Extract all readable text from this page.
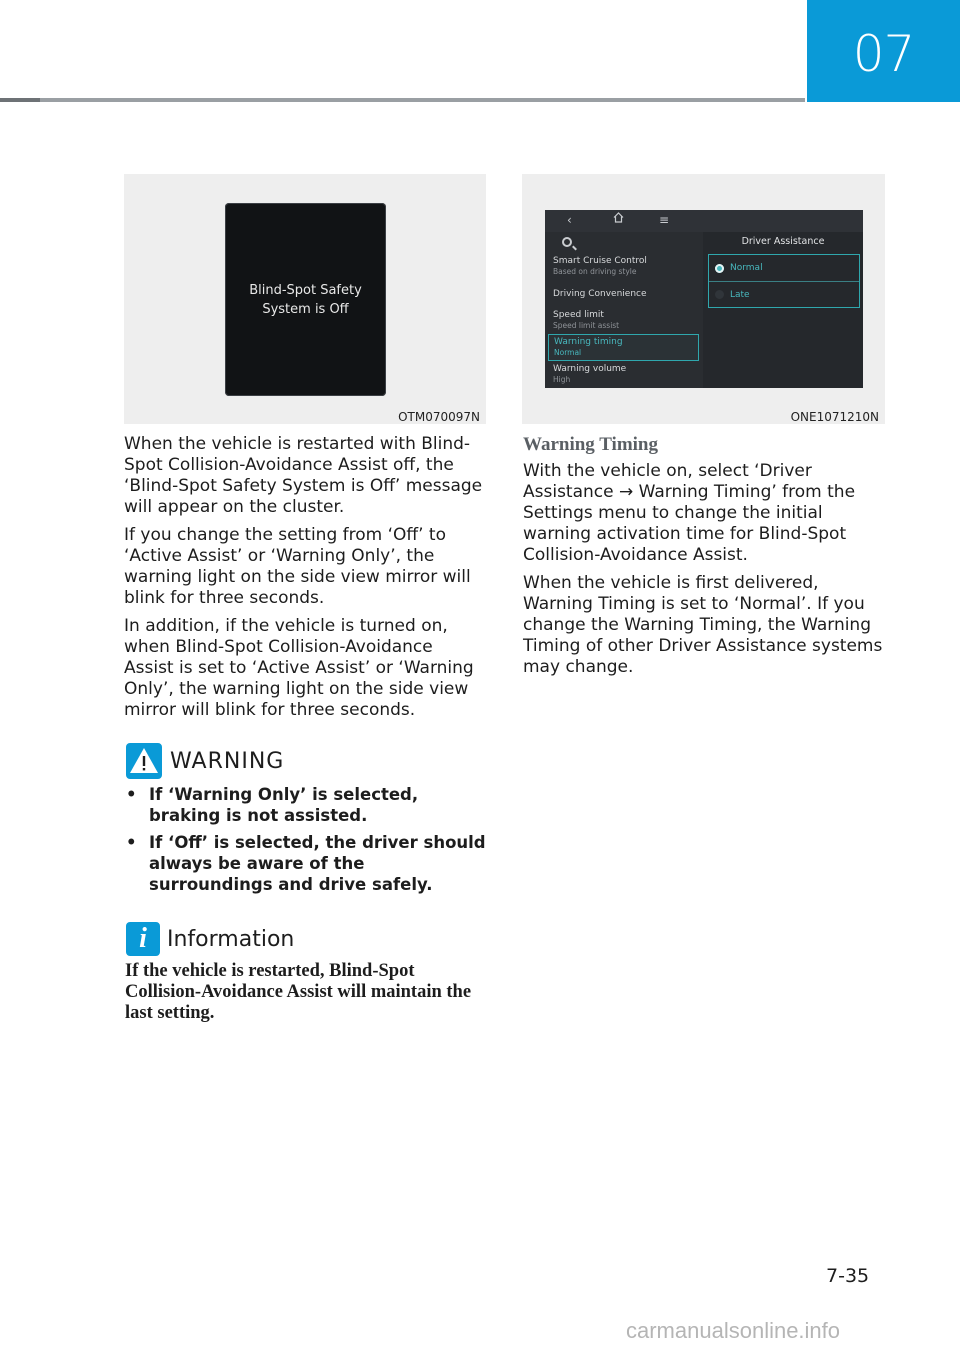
07
Blind-Spot Safety
System is Off
OTM070097N
‹	≡
Smart Cruise Control
Based on driving style
Driving Convenience
Speed limit
Speed limit assist
Warning timing
Normal
Warning volume
High
Driver Assistance
Normal
Late
ONE1071210N

When the vehicle is restarted with Blind-Spot Collision-Avoidance Assist off, the ‘Blind-Spot Safety System is Off’ message will appear on the cluster.

If you change the setting from ‘Off’ to ‘Active Assist’ or ‘Warning Only’, the warning light on the side view mirror will blink for three seconds.

In addition, if the vehicle is turned on, when Blind-Spot Collision-Avoidance Assist is set to ‘Active Assist’ or ‘Warning Only’, the warning light on the side view mirror will blink for three seconds.

WARNING
• If ‘Warning Only’ is selected, braking is not assisted.
• If ‘Off’ is selected, the driver should always be aware of the surroundings and drive safely.
i Information
If the vehicle is restarted, Blind-Spot Collision-Avoidance Assist will maintain the last setting.
Warning Timing

With the vehicle on, select ‘Driver Assistance → Warning Timing’ from the Settings menu to change the initial warning activation time for Blind-Spot Collision-Avoidance Assist.

When the vehicle is first delivered, Warning Timing is set to ‘Normal’. If you change the Warning Timing, the Warning Timing of other Driver Assistance systems may change.

7-35
carmanualsonline.info
